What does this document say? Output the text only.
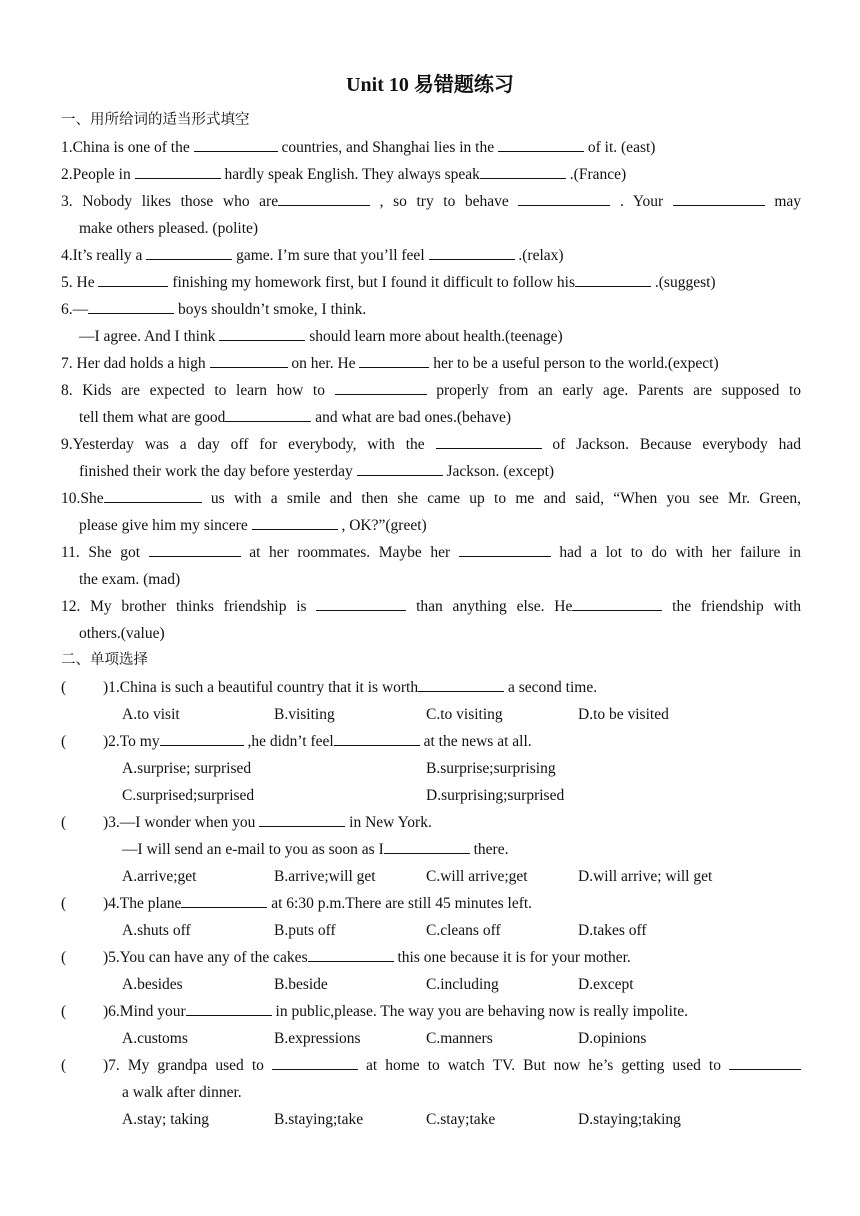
Unit 10 易错题练习
一、用所给词的适当形式填空
1.China is one of the	countries, and Shanghai lies in the	of it. (east)
2.People in	hardly speak English. They always speak	.(France)
3. Nobody likes those who are	, so try to behave	. Your	may
make others pleased. (polite)
4.It’s really a	game. I’m sure that you’ll feel	.(relax)
5. He	finishing my homework first, but I found it difficult to follow his	.(suggest)
6.—	boys shouldn’t smoke, I think.
—I agree. And I think	should learn more about health.(teenage)
7. Her dad holds a high	on her. He	her to be a useful person to the world.(expect)
8. Kids are expected to learn how to	properly from an early age. Parents are supposed to
tell them what are good	and what are bad ones.(behave)
9.Yesterday was a day off for everybody, with the	of Jackson. Because everybody had
finished their work the day before yesterday	Jackson. (except)
10.She	us with a smile and then she came up to me and said, “When you see Mr. Green,
please give him my sincere	, OK?”(greet)
11. She got	at her roommates. Maybe her	had a lot to do with her failure in
the exam. (mad)
12. My brother thinks friendship is	than anything else. He	the friendship with
others.(value)
二、单项选择
( )1.China is such a beautiful country that it is worth	a second time.
A.to visit	B.visiting	C.to visiting	D.to be visited
( )2.To my	,he didn’t feel	at the news at all.
A.surprise; surprised	B.surprise;surprising
C.surprised;surprised	D.surprising;surprised
( )3.—I wonder when you	in New York.
—I will send an e-mail to you as soon as I	there.
A.arrive;get	B.arrive;will get	C.will arrive;get	D.will arrive; will get
( )4.The plane	at 6:30 p.m.There are still 45 minutes left.
A.shuts off	B.puts off	C.cleans off	D.takes off
( )5.You can have any of the cakes	this one because it is for your mother.
A.besides	B.beside	C.including	D.except
( )6.Mind your	in public,please. The way you are behaving now is really impolite.
A.customs	B.expressions	C.manners	D.opinions
( )7. My grandpa used to	at home to watch TV. But now he’s getting used to
a walk after dinner.
A.stay; taking	B.staying;take	C.stay;take	D.staying;taking
